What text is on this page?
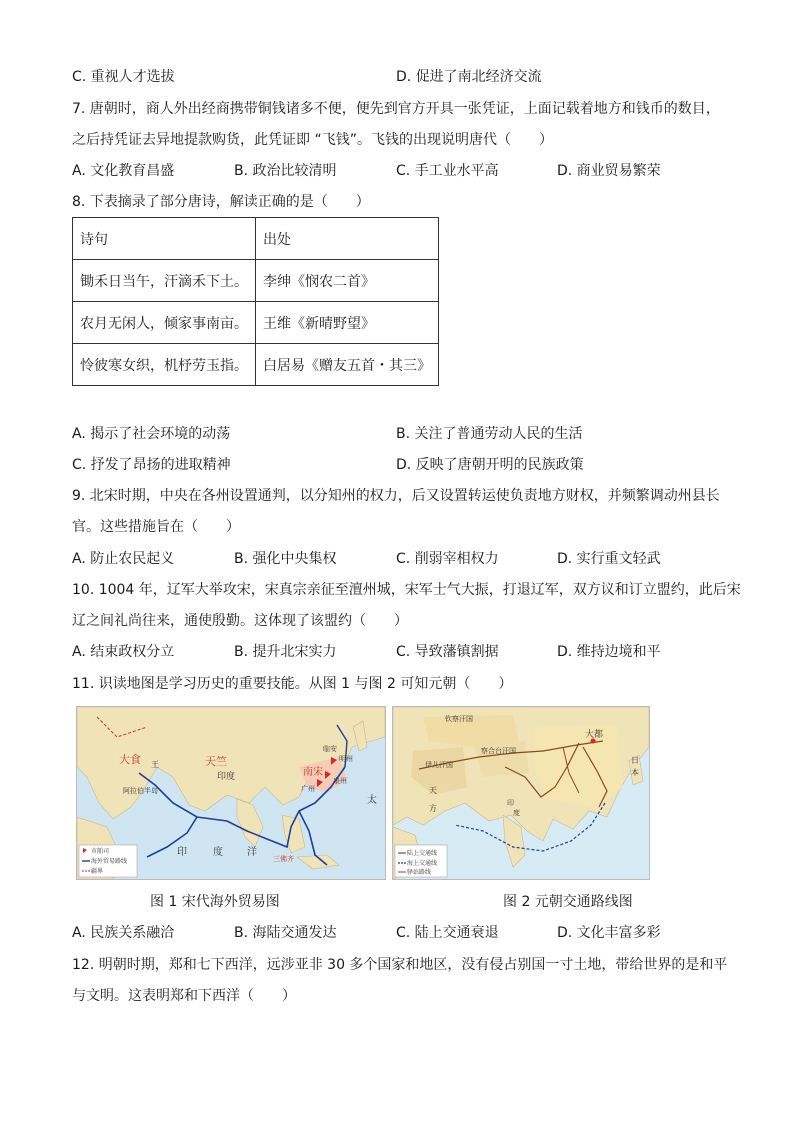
C. 重视人才选拔	D. 促进了南北经济交流
7. 唐朝时，商人外出经商携带铜钱诸多不便，便先到官方开具一张凭证，上面记载着地方和钱币的数目，
之后持凭证去异地提款购货，此凭证即 “飞钱”。飞钱的出现说明唐代（　　）
A. 文化教育昌盛	B. 政治比较清明	C. 手工业水平高	D. 商业贸易繁荣
8. 下表摘录了部分唐诗，解读正确的是（　　）
诗句	出处
锄禾日当午，汗滴禾下土。	李绅《悯农二首》
农月无闲人，倾家事南亩。	王维《新晴野望》
怜彼寒女织，机杼劳玉指。	白居易《赠友五首・其三》
A. 揭示了社会环境的动荡	B. 关注了普通劳动人民的生活
C. 抒发了昂扬的进取精神	D. 反映了唐朝开明的民族政策
9. 北宋时期，中央在各州设置通判，以分知州的权力，后又设置转运使负责地方财权，并频繁调动州县长
官。这些措施旨在（　　）
A. 防止农民起义	B. 强化中央集权	C. 削弱宰相权力	D. 实行重文轻武
10. 1004 年，辽军大举攻宋，宋真宗亲征至澶州城，宋军士气大振，打退辽军，双方议和订立盟约，此后宋
辽之间礼尚往来，通使殷勤。这体现了该盟约（　　）
A. 结束政权分立	B. 提升北宋实力	C. 导致藩镇割据	D. 维持边境和平
11. 识读地图是学习历史的重要技能。从图 1 与图 2 可知元朝（　　）
大食 王	天竺
印度	南宋
临安
明州
广州
泉州
太
阿拉伯半岛
印	度 洋
三佛齐
市舶司
海外贸易路线
疆界
钦察汗国
伊儿汗国
察合台汗国
大都
日
本
天
方
印
度
陆上交通线
海上交通线
驿站路线
图 1 宋代海外贸易图	图 2 元朝交通路线图
A. 民族关系融洽	B. 海陆交通发达	C. 陆上交通衰退	D. 文化丰富多彩
12. 明朝时期，郑和七下西洋，远涉亚非 30 多个国家和地区，没有侵占别国一寸土地，带给世界的是和平
与文明。这表明郑和下西洋（　　）
